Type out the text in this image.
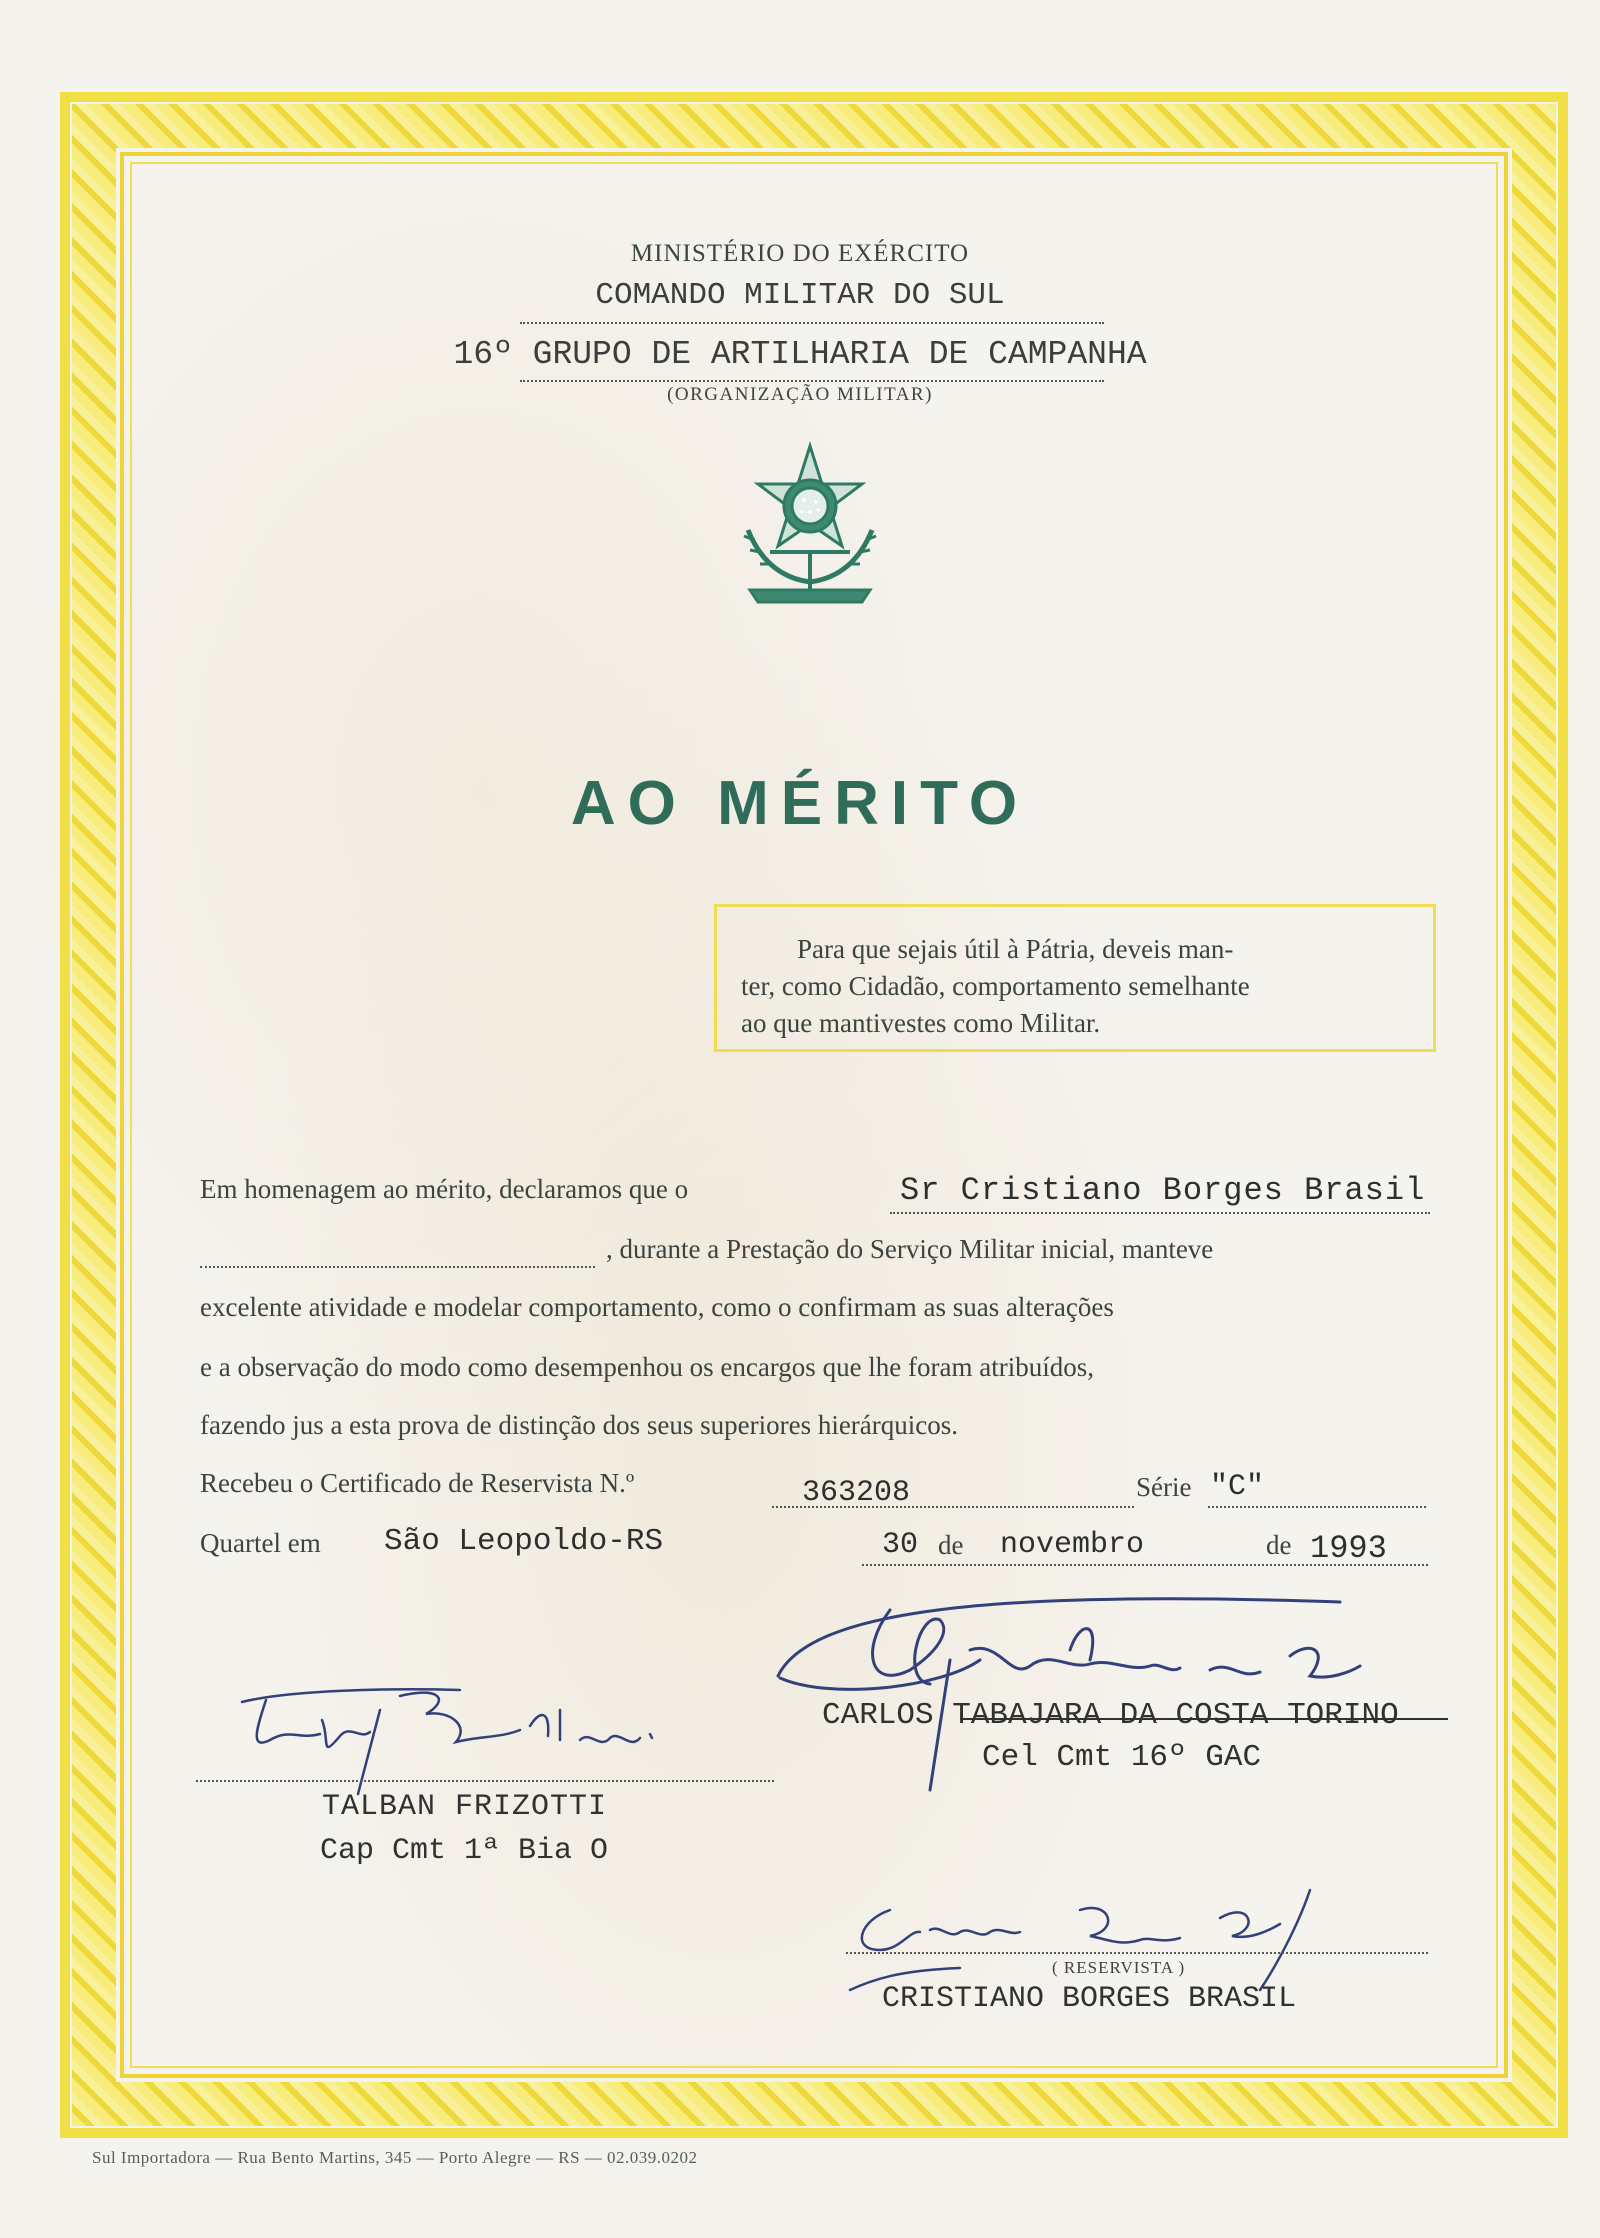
MINISTÉRIO DO EXÉRCITO
COMANDO MILITAR DO SUL
16º GRUPO DE ARTILHARIA DE CAMPANHA
(ORGANIZAÇÃO MILITAR)
AO MÉRITO
Para que sejais útil à Pátria, deveis man-
ter, como Cidadão, comportamento semelhante
ao que mantivestes como Militar.
Em homenagem ao mérito, declaramos que o	Sr Cristiano Borges Brasil
, durante a Prestação do Serviço Militar inicial, manteve
excelente atividade e modelar comportamento, como o confirmam as suas alterações
e a observação do modo como desempenhou os encargos que lhe foram atribuídos,
fazendo jus a esta prova de distinção dos seus superiores hierárquicos.
Recebeu o Certificado de Reservista N.º	363208	Série "C"
Quartel em São Leopoldo-RS	30 de novembro	de 1993
CARLOS TABAJARA DA COSTA TORINO
Cel Cmt 16º GAC
TALBAN FRIZOTTI
Cap Cmt 1ª Bia O
( RESERVISTA )
CRISTIANO BORGES BRASIL
Sul Importadora — Rua Bento Martins, 345 — Porto Alegre — RS — 02.039.0202
